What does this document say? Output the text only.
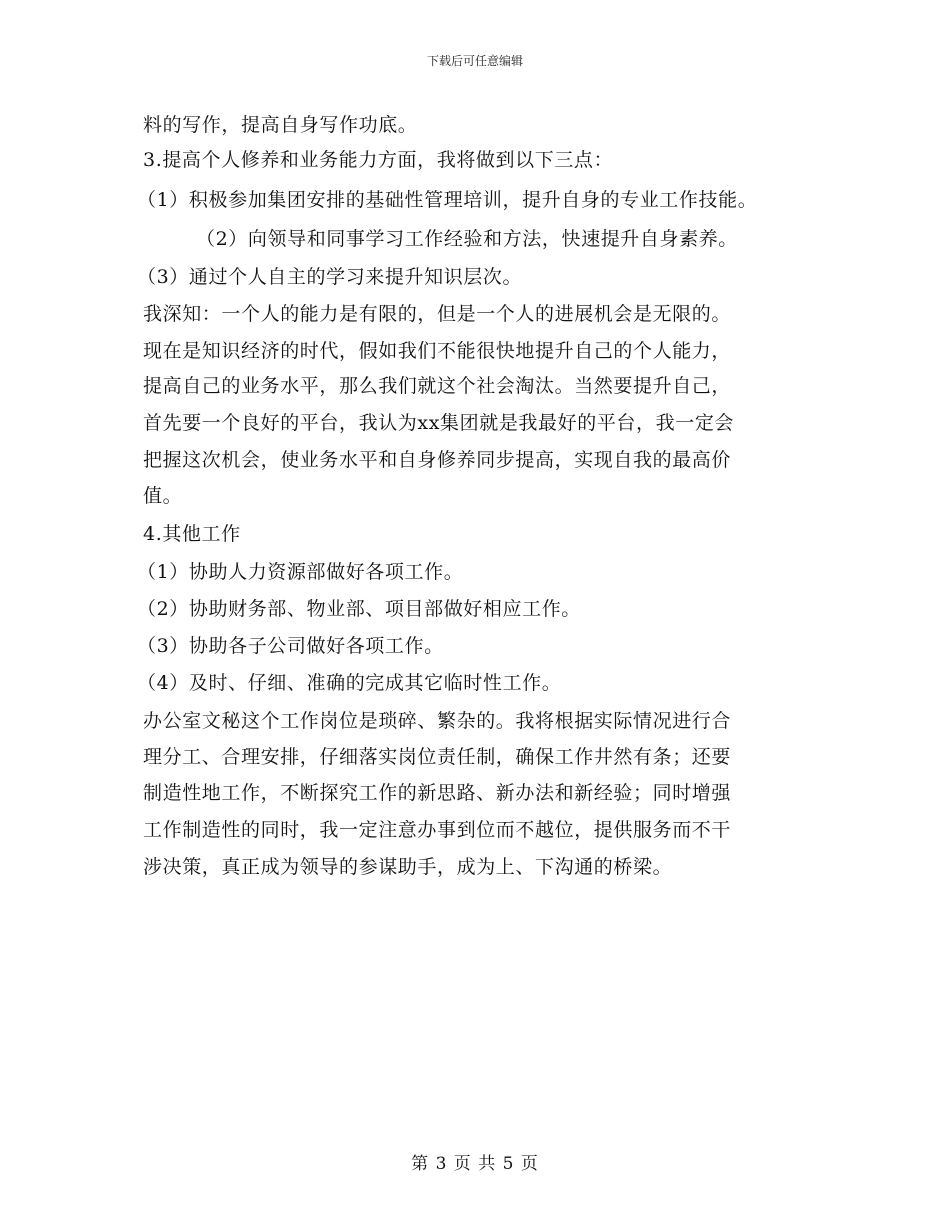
下载后可任意编辑
料的写作，提高自身写作功底。
3.提高个人修养和业务能力方面，我将做到以下三点：
（1）积极参加集团安排的基础性管理培训，提升自身的专业工作技能。
（2）向领导和同事学习工作经验和方法，快速提升自身素养。
（3）通过个人自主的学习来提升知识层次。
我深知：一个人的能力是有限的，但是一个人的进展机会是无限的。
现在是知识经济的时代，假如我们不能很快地提升自己的个人能力，
提高自己的业务水平，那么我们就这个社会淘汰。当然要提升自己，
首先要一个良好的平台，我认为xx集团就是我最好的平台，我一定会
把握这次机会，使业务水平和自身修养同步提高，实现自我的最高价
值。
4.其他工作
（1）协助人力资源部做好各项工作。
（2）协助财务部、物业部、项目部做好相应工作。
（3）协助各子公司做好各项工作。
（4）及时、仔细、准确的完成其它临时性工作。
办公室文秘这个工作岗位是琐碎、繁杂的。我将根据实际情况进行合
理分工、合理安排，仔细落实岗位责任制，确保工作井然有条；还要
制造性地工作，不断探究工作的新思路、新办法和新经验；同时增强
工作制造性的同时，我一定注意办事到位而不越位，提供服务而不干
涉决策，真正成为领导的参谋助手，成为上、下沟通的桥梁。
第 3 页 共 5 页
